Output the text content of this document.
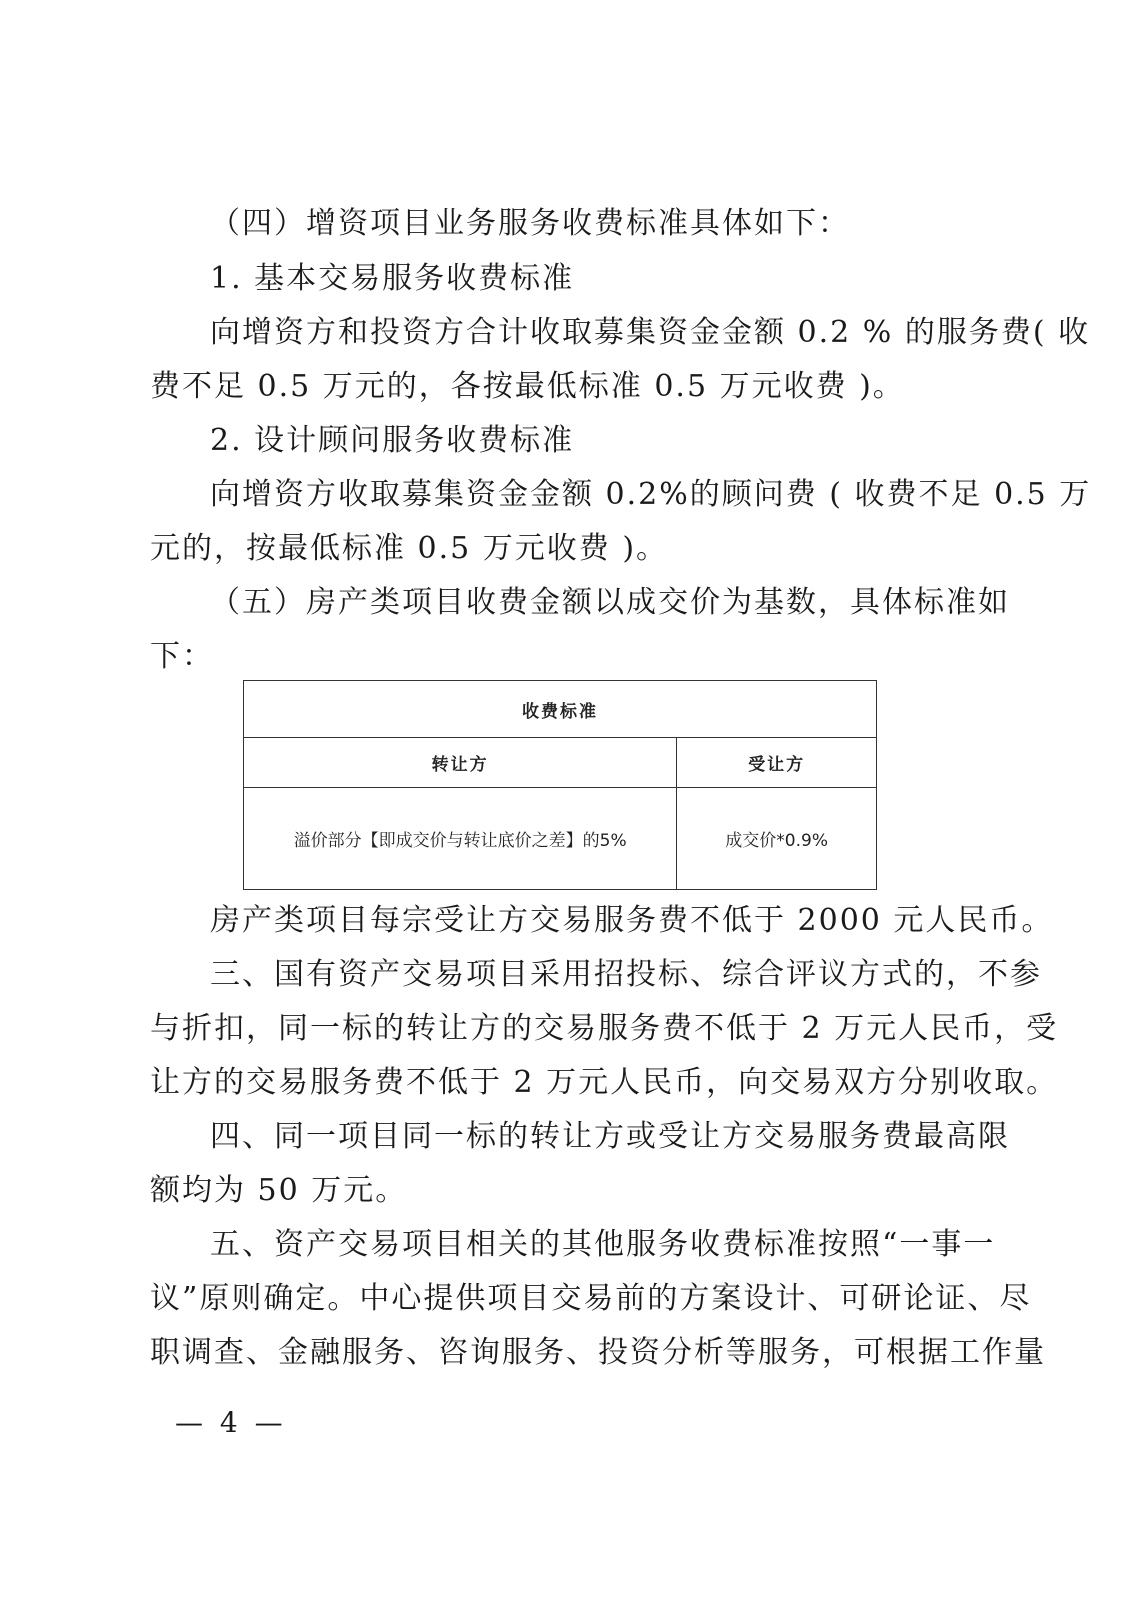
（四）增资项目业务服务收费标准具体如下：
1. 基本交易服务收费标准
向增资方和投资方合计收取募集资金金额 0.2 % 的服务费( 收
费不足 0.5 万元的，各按最低标准 0.5 万元收费 )。
2. 设计顾问服务收费标准
向增资方收取募集资金金额 0.2%的顾问费 ( 收费不足 0.5 万
元的，按最低标准 0.5 万元收费 )。
（五）房产类项目收费金额以成交价为基数，具体标准如
下：
收费标准	
转让方	受让方
溢价部分【即成交价与转让底价之差】的5%	成交价*0.9%
房产类项目每宗受让方交易服务费不低于 2000 元人民币。
三、国有资产交易项目采用招投标、综合评议方式的，不参
与折扣，同一标的转让方的交易服务费不低于 2 万元人民币，受
让方的交易服务费不低于 2 万元人民币，向交易双方分别收取。
四、同一项目同一标的转让方或受让方交易服务费最高限
额均为 50 万元。
五、资产交易项目相关的其他服务收费标准按照“一事一
议”原则确定。中心提供项目交易前的方案设计、可研论证、尽
职调查、金融服务、咨询服务、投资分析等服务，可根据工作量
— 4 —
